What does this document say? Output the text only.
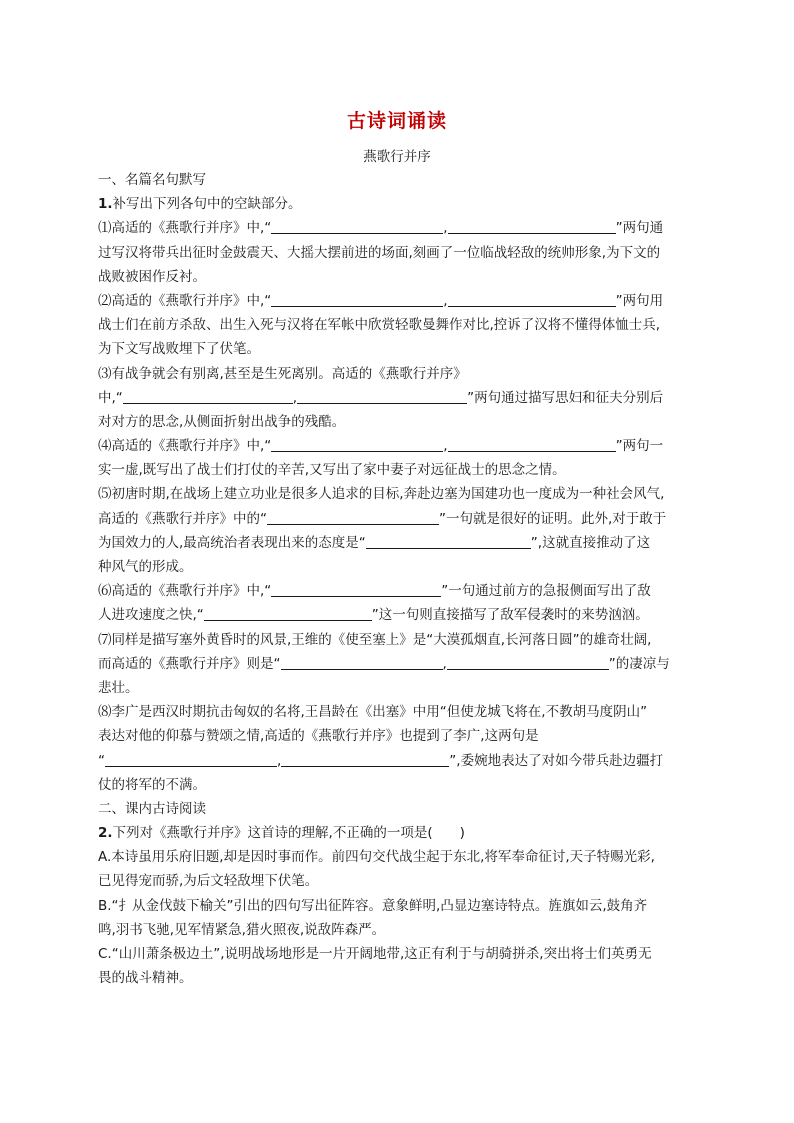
古诗词诵读
燕歌行并序
一、名篇名句默写
1.补写出下列各句中的空缺部分。
⑴高适的《燕歌行并序》中,“	,	”两句通
过写汉将带兵出征时金鼓震天、大摇大摆前进的场面,刻画了一位临战轻敌的统帅形象,为下文的
战败被困作反衬。
⑵高适的《燕歌行并序》中,“	,	”两句用
战士们在前方杀敌、出生入死与汉将在军帐中欣赏轻歌曼舞作对比,控诉了汉将不懂得体恤士兵,
为下文写战败埋下了伏笔。
⑶有战争就会有别离,甚至是生死离别。高适的《燕歌行并序》
中,“	,	”两句通过描写思妇和征夫分别后
对对方的思念,从侧面折射出战争的残酷。
⑷高适的《燕歌行并序》中,“	,	”两句一
实一虚,既写出了战士们打仗的辛苦,又写出了家中妻子对远征战士的思念之情。
⑸初唐时期,在战场上建立功业是很多人追求的目标,奔赴边塞为国建功也一度成为一种社会风气,
高适的《燕歌行并序》中的“	”一句就是很好的证明。此外,对于敢于
为国效力的人,最高统治者表现出来的态度是“	”,这就直接推动了这
种风气的形成。
⑹高适的《燕歌行并序》中,“	”一句通过前方的急报侧面写出了敌
人进攻速度之快,“	”这一句则直接描写了敌军侵袭时的来势汹汹。
⑺同样是描写塞外黄昏时的风景,王维的《使至塞上》是“大漠孤烟直,长河落日圆”的雄奇壮阔,
而高适的《燕歌行并序》则是“	,	”的凄凉与
悲壮。
⑻李广是西汉时期抗击匈奴的名将,王昌龄在《出塞》中用“但使龙城飞将在,不教胡马度阴山”
表达对他的仰慕与赞颂之情,高适的《燕歌行并序》也提到了李广,这两句是
“	,	”,委婉地表达了对如今带兵赴边疆打
仗的将军的不满。
二、课内古诗阅读
2.下列对《燕歌行并序》这首诗的理解,不正确的一项是(　　)
A.本诗虽用乐府旧题,却是因时事而作。前四句交代战尘起于东北,将军奉命征讨,天子特赐光彩,
已见得宠而骄,为后文轻敌埋下伏笔。
B.“扌从金伐鼓下榆关”引出的四句写出征阵容。意象鲜明,凸显边塞诗特点。旌旗如云,鼓角齐
鸣,羽书飞驰,见军情紧急,猎火照夜,说敌阵森严。
C.“山川萧条极边土”,说明战场地形是一片开阔地带,这正有利于与胡骑拼杀,突出将士们英勇无
畏的战斗精神。
